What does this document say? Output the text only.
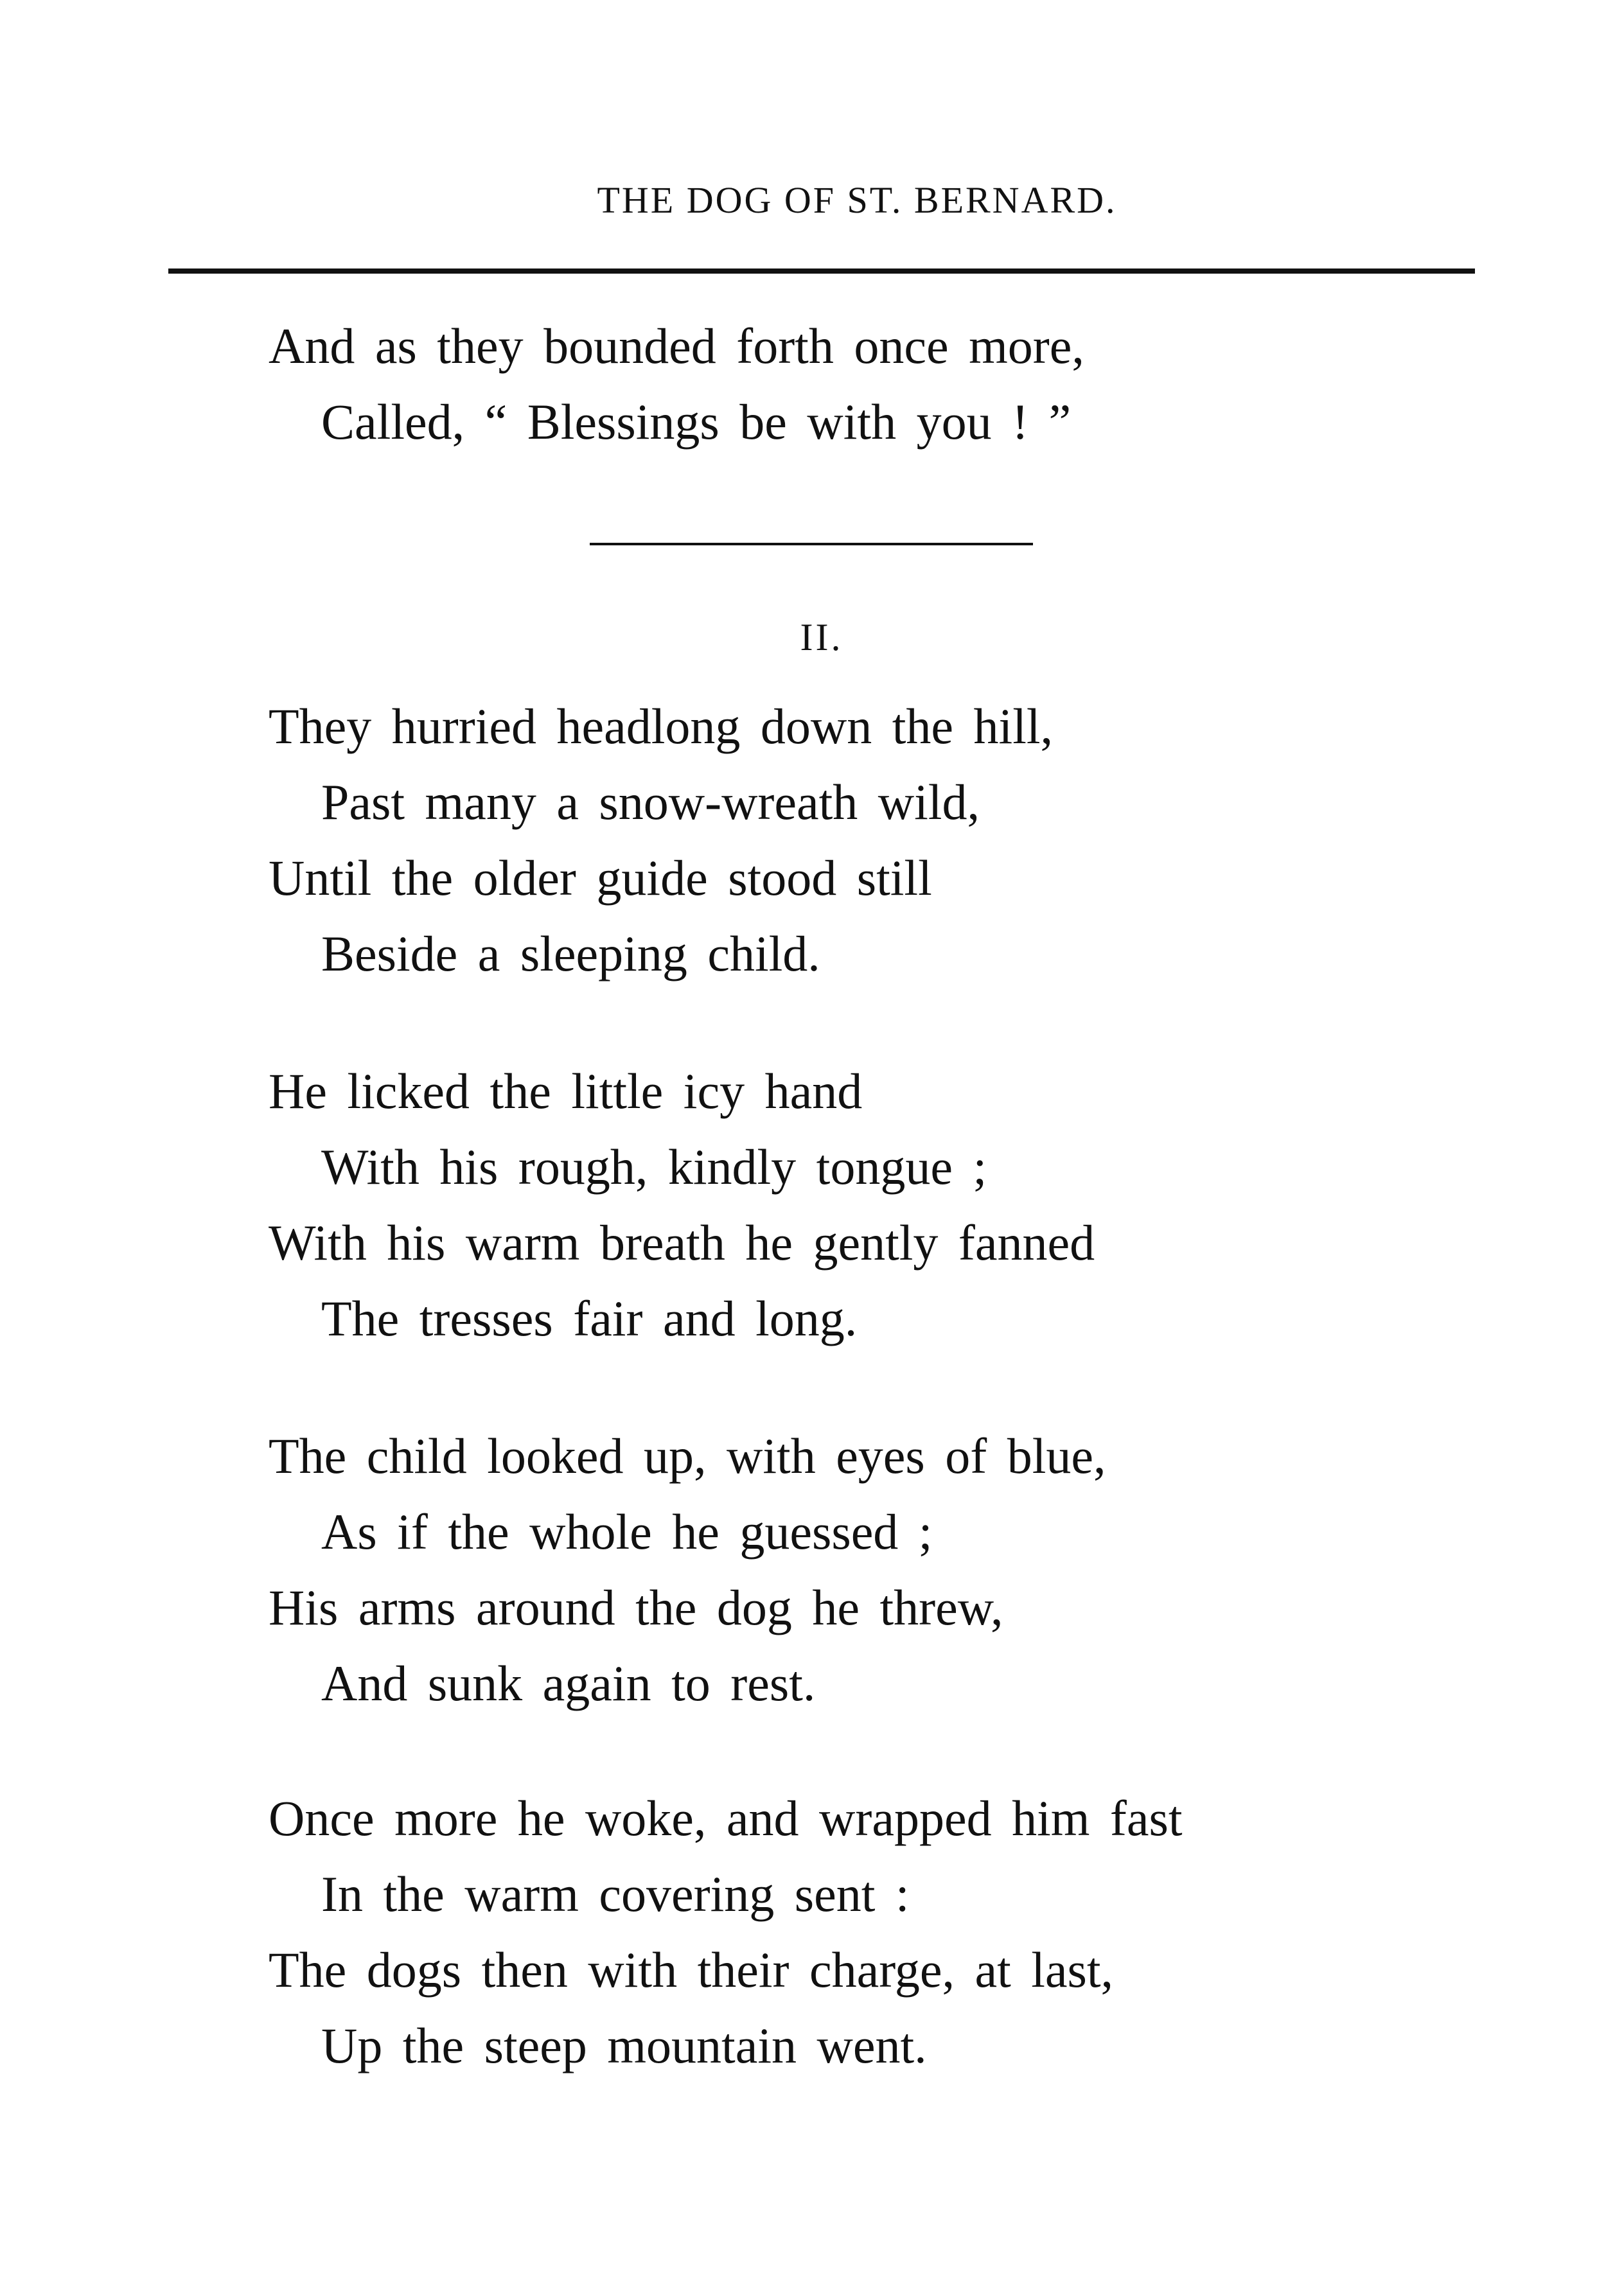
THE DOG OF ST. BERNARD.
And as they bounded forth once more,
Called, “ Blessings be with you ! ”
II.
They hurried headlong down the hill,
Past many a snow-wreath wild,
Until the older guide stood still
Beside a sleeping child.
He licked the little icy hand
With his rough, kindly tongue ;
With his warm breath he gently fanned
The tresses fair and long.
The child looked up, with eyes of blue,
As if the whole he guessed ;
His arms around the dog he threw,
And sunk again to rest.
Once more he woke, and wrapped him fast
In the warm covering sent :
The dogs then with their charge, at last,
Up the steep mountain went.
